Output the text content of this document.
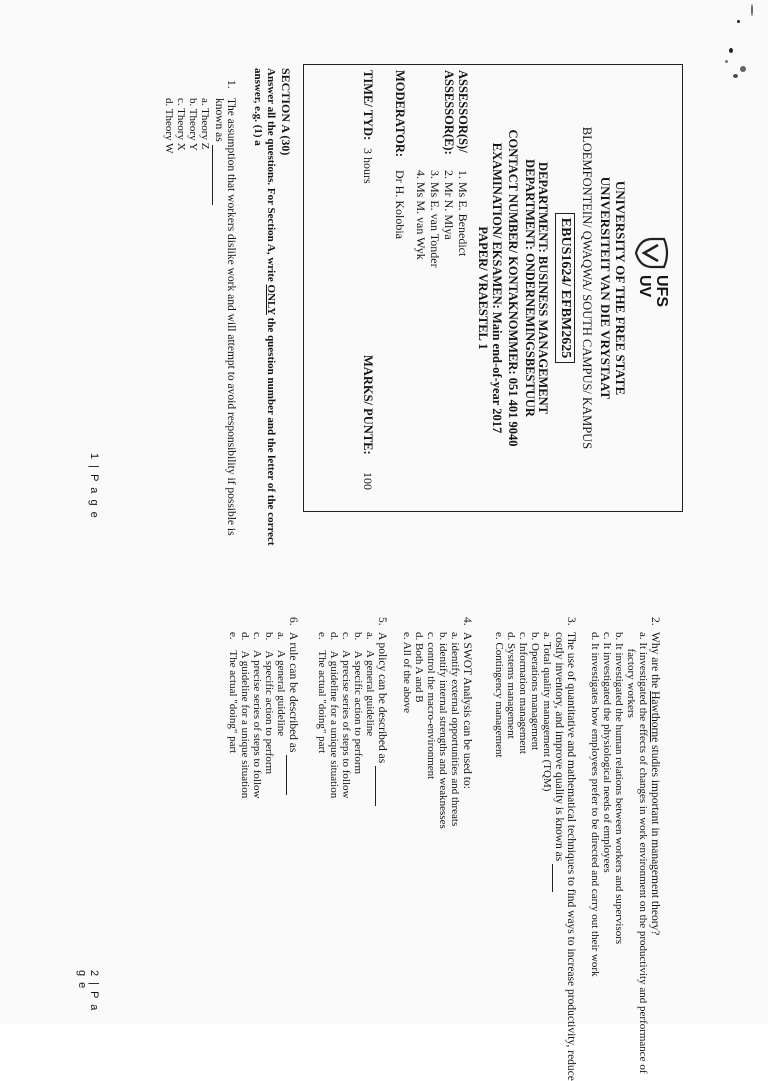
UFS
UV
UNIVERSITY OF THE FREE STATE
UNIVERSITEIT VAN DIE VRYSTAAT
BLOEMFONTEIN/ QWAQWA/ SOUTH CAMPUS/ KAMPUS
EBUS1624/ EFBM2625
DEPARTMENT: BUSINESS MANAGEMENT
DEPARTMENT: ONDERNEMINGSBESTUUR
CONTACT NUMBER/ KONTAKNOMMER: 051 401 9040
EXAMINATION/ EKSAMEN: Main end-of-year 2017
PAPER/ VRAESTEL 1
ASSESSOR(S)/
ASSESSOR(E):
1. Ms E. Benedict
2. Mr N. Mlya
3. Ms E. van Tonder
4. Ms M. van Wyk
MODERATOR:
Dr H. Kolobia
TIME/ TYD:
3 hours
MARKS/ PUNTE:
100
SECTION A (30)
Answer all the questions. For Section A, write ONLY the question number and the letter of the correct
answer, e.g. (1) a
1.
The assumption that workers dislike work and will attempt to avoid responsibility if possible is
known as
a. Theory Z
b. Theory Y
c. Theory X
d. Theory W
1 | P a g e
2.
Why are the Hawthorne studies important in management theory?
a. It investigated the effects of changes in work environment on the productivity and performance of
factory workers
b. It investigated the human relations between workers and supervisors
c. It investigated the physiological needs of employees
d. It investigates how employees prefer to be directed and carry out their work
3.
The use of quantitative and mathematical techniques to find ways to increase productivity, reduce
costly inventory, and improve quality is known as
a. Total quality management (TQM)
b. Operations management
c. Information management
d. Systems management
e. Contingency management
4.
A SWOT Analysis can be used to:
a. identify external opportunities and threats
b. identify internal strengths and weaknesses
c. control the macro-environment
d. Both A and B
e. All of the above
5.
A policy can be described as
a.    A general guideline
b.    A specific action to perform
c.    A precise series of steps to follow
d.    A guideline for a unique situation
e.    The actual "doing" part
6.
A rule can be described as
a.    A general guideline
b.    A specific action to perform
c.    A precise series of steps to follow
d.    A guideline for a unique situation
e.    The actual "doing" part
2 | P a g e
